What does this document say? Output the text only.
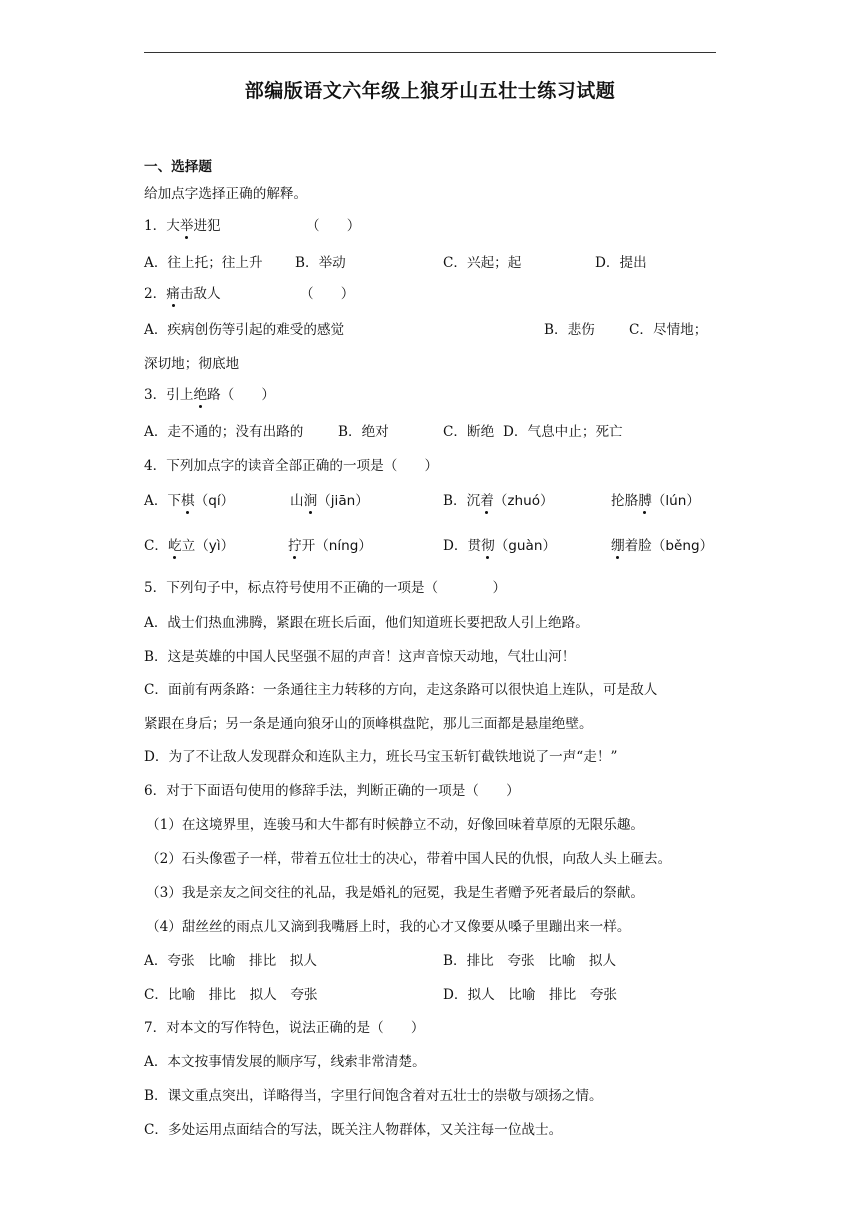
部编版语文六年级上狼牙山五壮士练习试题
一、选择题
给加点字选择正确的解释。
1．大举进犯	（　　）
A．往上托；往上升 B．举动	C．兴起；起	D．提出
2．痛击敌人	（　　）
A．疾病创伤等引起的难受的感觉	B．悲伤	C．尽情地；
深切地；彻底地
3．引上绝路（　　）
A．走不通的；没有出路的	B．绝对	C．断绝 D．气息中止；死亡
4．下列加点字的读音全部正确的一项是（　　）
A．下棋（qí）	山涧（jiān）	B．沉着（zhuó）	抡胳膊（lún）
C．屹立（yì）	拧开（níng）	D．贯彻（guàn）	绷着脸（běng）
5．下列句子中，标点符号使用不正确的一项是（　　　　）
A．战士们热血沸腾，紧跟在班长后面，他们知道班长要把敌人引上绝路。
B．这是英雄的中国人民坚强不屈的声音！这声音惊天动地，气壮山河！
C．面前有两条路：一条通往主力转移的方向，走这条路可以很快追上连队，可是敌人
紧跟在身后；另一条是通向狼牙山的顶峰棋盘陀，那儿三面都是悬崖绝壁。
D．为了不让敌人发现群众和连队主力，班长马宝玉斩钉截铁地说了一声“走！”
6．对于下面语句使用的修辞手法，判断正确的一项是（　　）
（1）在这境界里，连骏马和大牛都有时候静立不动，好像回味着草原的无限乐趣。
（2）石头像雹子一样，带着五位壮士的决心，带着中国人民的仇恨，向敌人头上砸去。
（3）我是亲友之间交往的礼品，我是婚礼的冠冕，我是生者赠予死者最后的祭献。
（4）甜丝丝的雨点儿又滴到我嘴唇上时，我的心才又像要从嗓子里蹦出来一样。
A．夸张　比喻　排比　拟人	B．排比　夸张　比喻　拟人
C．比喻　排比　拟人　夸张	D．拟人　比喻　排比　夸张
7．对本文的写作特色，说法正确的是（　　）
A．本文按事情发展的顺序写，线索非常清楚。
B．课文重点突出，详略得当，字里行间饱含着对五壮士的崇敬与颂扬之情。
C．多处运用点面结合的写法，既关注人物群体，又关注每一位战士。
